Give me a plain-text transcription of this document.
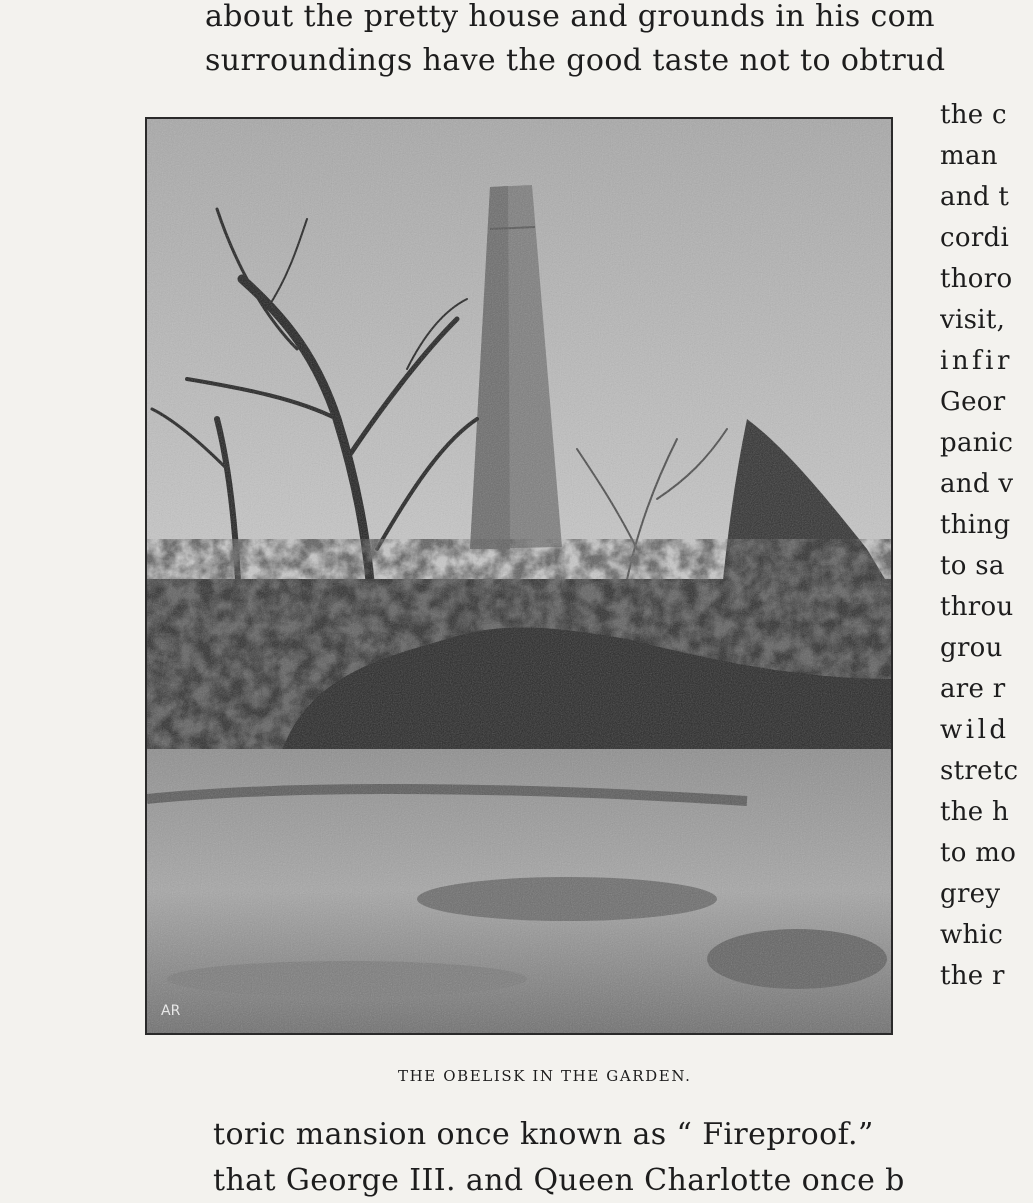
about the pretty house and grounds in his com
surroundings have the good taste not to obtrud
AR
THE OBELISK IN THE GARDEN.
the c
man
and t
cordi
thoro
visit,
infir
Geor
panic
and v
thing
to sa
throu
grou
are r
wild
stretc
the h
to mo
grey
whic
the r
toric mansion once known as “ Fireproof.”
that George III. and Queen Charlotte once b
